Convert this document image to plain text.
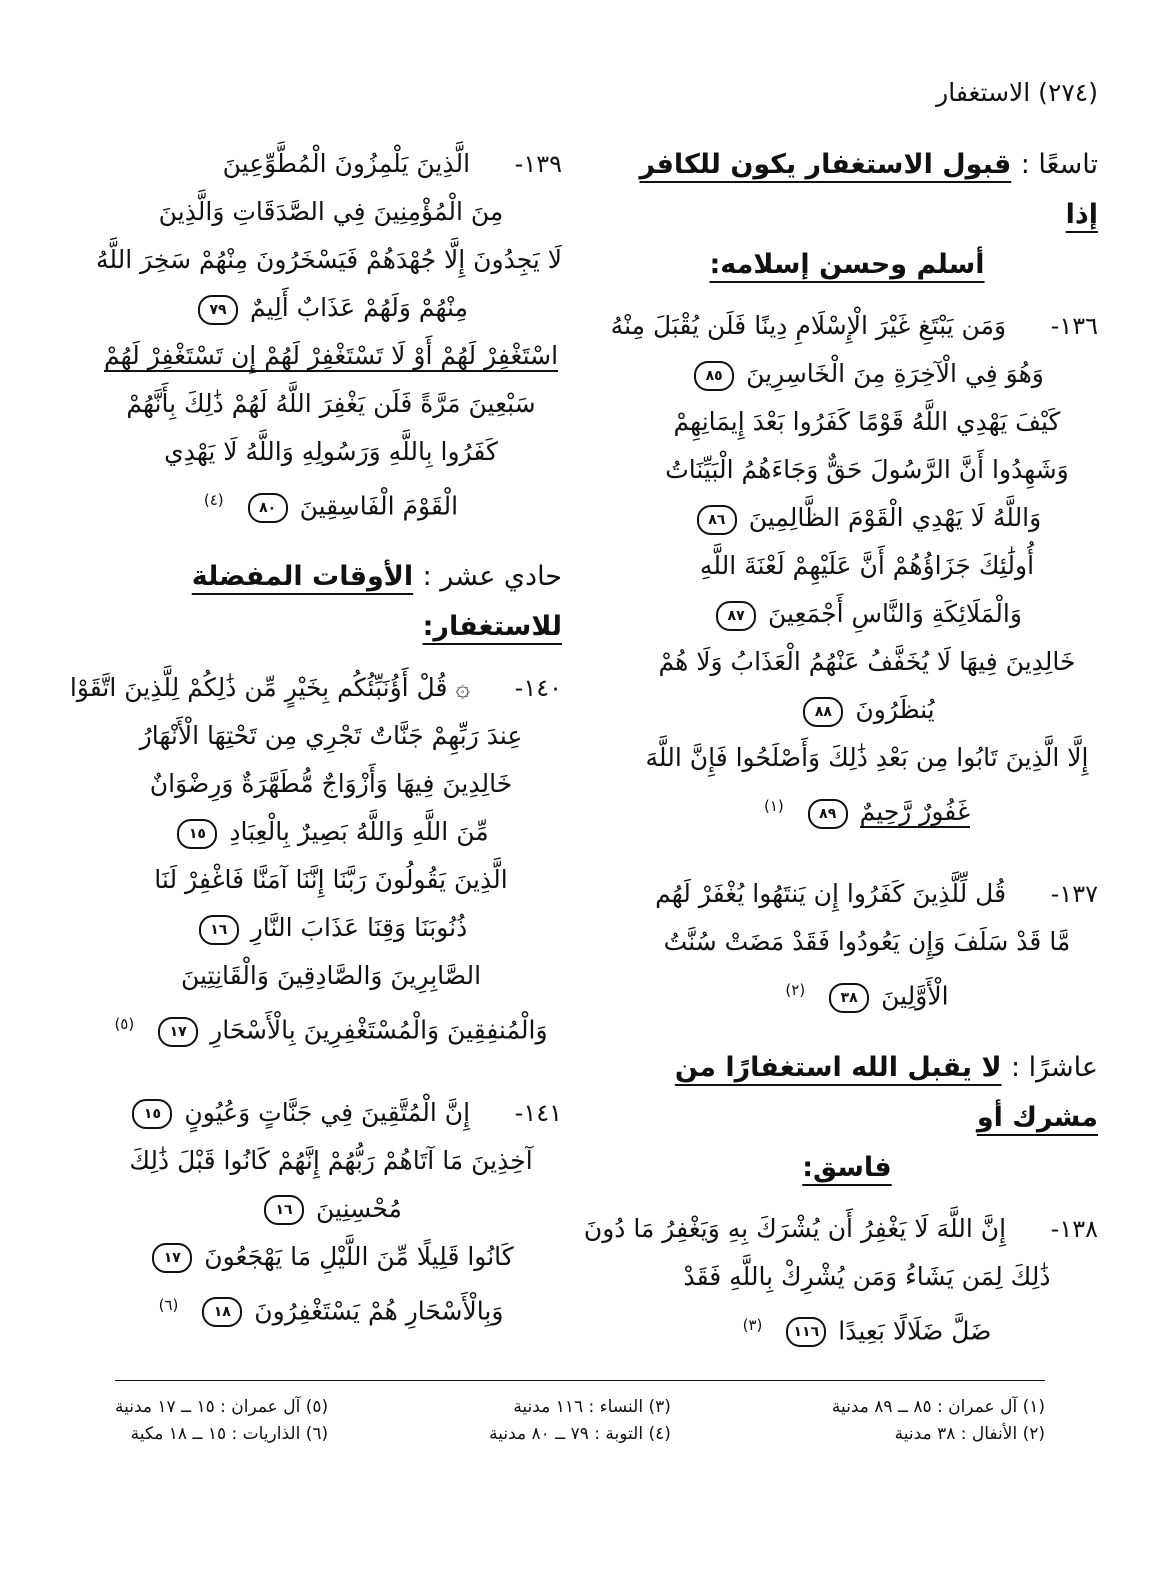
(٢٧٤) الاستغفار

تاسعًا : قبول الاستغفار يكون للكافر إذا

أسلم وحسن إسلامه:

١٣٦- وَمَن يَبْتَغِ غَيْرَ الْإِسْلَامِ دِينًا فَلَن يُقْبَلَ مِنْهُ
وَهُوَ فِي الْآخِرَةِ مِنَ الْخَاسِرِينَ ٨٥
كَيْفَ يَهْدِي اللَّهُ قَوْمًا كَفَرُوا بَعْدَ إِيمَانِهِمْ
وَشَهِدُوا أَنَّ الرَّسُولَ حَقٌّ وَجَاءَهُمُ الْبَيِّنَاتُ
وَاللَّهُ لَا يَهْدِي الْقَوْمَ الظَّالِمِينَ ٨٦
أُولَٰئِكَ جَزَاؤُهُمْ أَنَّ عَلَيْهِمْ لَعْنَةَ اللَّهِ
وَالْمَلَائِكَةِ وَالنَّاسِ أَجْمَعِينَ ٨٧
خَالِدِينَ فِيهَا لَا يُخَفَّفُ عَنْهُمُ الْعَذَابُ وَلَا هُمْ
يُنظَرُونَ ٨٨
إِلَّا الَّذِينَ تَابُوا مِن بَعْدِ ذَٰلِكَ وَأَصْلَحُوا فَإِنَّ اللَّهَ
غَفُورٌ رَّحِيمٌ ٨٩ $^{(١)}$
١٣٧- قُل لِّلَّذِينَ كَفَرُوا إِن يَنتَهُوا يُغْفَرْ لَهُم
مَّا قَدْ سَلَفَ وَإِن يَعُودُوا فَقَدْ مَضَتْ سُنَّتُ
الْأَوَّلِينَ ٣٨ $^{(٢)}$

عاشرًا : لا يقبل الله استغفارًا من مشرك أو

فاسق:

١٣٨- إِنَّ اللَّهَ لَا يَغْفِرُ أَن يُشْرَكَ بِهِ وَيَغْفِرُ مَا دُونَ
ذَٰلِكَ لِمَن يَشَاءُ وَمَن يُشْرِكْ بِاللَّهِ فَقَدْ
ضَلَّ ضَلَالًا بَعِيدًا ١١٦ $^{(٣)}$
١٣٩- الَّذِينَ يَلْمِزُونَ الْمُطَّوِّعِينَ
مِنَ الْمُؤْمِنِينَ فِي الصَّدَقَاتِ وَالَّذِينَ
لَا يَجِدُونَ إِلَّا جُهْدَهُمْ فَيَسْخَرُونَ مِنْهُمْ سَخِرَ اللَّهُ
مِنْهُمْ وَلَهُمْ عَذَابٌ أَلِيمٌ ٧٩
اسْتَغْفِرْ لَهُمْ أَوْ لَا تَسْتَغْفِرْ لَهُمْ إِن تَسْتَغْفِرْ لَهُمْ
سَبْعِينَ مَرَّةً فَلَن يَغْفِرَ اللَّهُ لَهُمْ ذَٰلِكَ بِأَنَّهُمْ
كَفَرُوا بِاللَّهِ وَرَسُولِهِ وَاللَّهُ لَا يَهْدِي
الْقَوْمَ الْفَاسِقِينَ ٨٠ $^{(٤)}$

حادي عشر : الأوقات المفضلة للاستغفار:

١٤٠- ۞ قُلْ أَؤُنَبِّئُكُم بِخَيْرٍ مِّن ذَٰلِكُمْ لِلَّذِينَ اتَّقَوْا
عِندَ رَبِّهِمْ جَنَّاتٌ تَجْرِي مِن تَحْتِهَا الْأَنْهَارُ
خَالِدِينَ فِيهَا وَأَزْوَاجٌ مُّطَهَّرَةٌ وَرِضْوَانٌ
مِّنَ اللَّهِ وَاللَّهُ بَصِيرٌ بِالْعِبَادِ ١٥
الَّذِينَ يَقُولُونَ رَبَّنَا إِنَّنَا آمَنَّا فَاغْفِرْ لَنَا
ذُنُوبَنَا وَقِنَا عَذَابَ النَّارِ ١٦
الصَّابِرِينَ وَالصَّادِقِينَ وَالْقَانِتِينَ
وَالْمُنفِقِينَ وَالْمُسْتَغْفِرِينَ بِالْأَسْحَارِ ١٧ $^{(٥)}$
١٤١- إِنَّ الْمُتَّقِينَ فِي جَنَّاتٍ وَعُيُونٍ ١٥
آخِذِينَ مَا آتَاهُمْ رَبُّهُمْ إِنَّهُمْ كَانُوا قَبْلَ ذَٰلِكَ
مُحْسِنِينَ ١٦
كَانُوا قَلِيلًا مِّنَ اللَّيْلِ مَا يَهْجَعُونَ ١٧
وَبِالْأَسْحَارِ هُمْ يَسْتَغْفِرُونَ ١٨ $^{(٦)}$
(١) آل عمران : ٨٥ ــ ٨٩ مدنية
(٢) الأنفال : ٣٨ مدنية
(٣) النساء : ١١٦ مدنية
(٤) التوبة : ٧٩ ــ ٨٠ مدنية
(٥) آل عمران : ١٥ ــ ١٧ مدنية
(٦) الذاريات : ١٥ ــ ١٨ مكية
